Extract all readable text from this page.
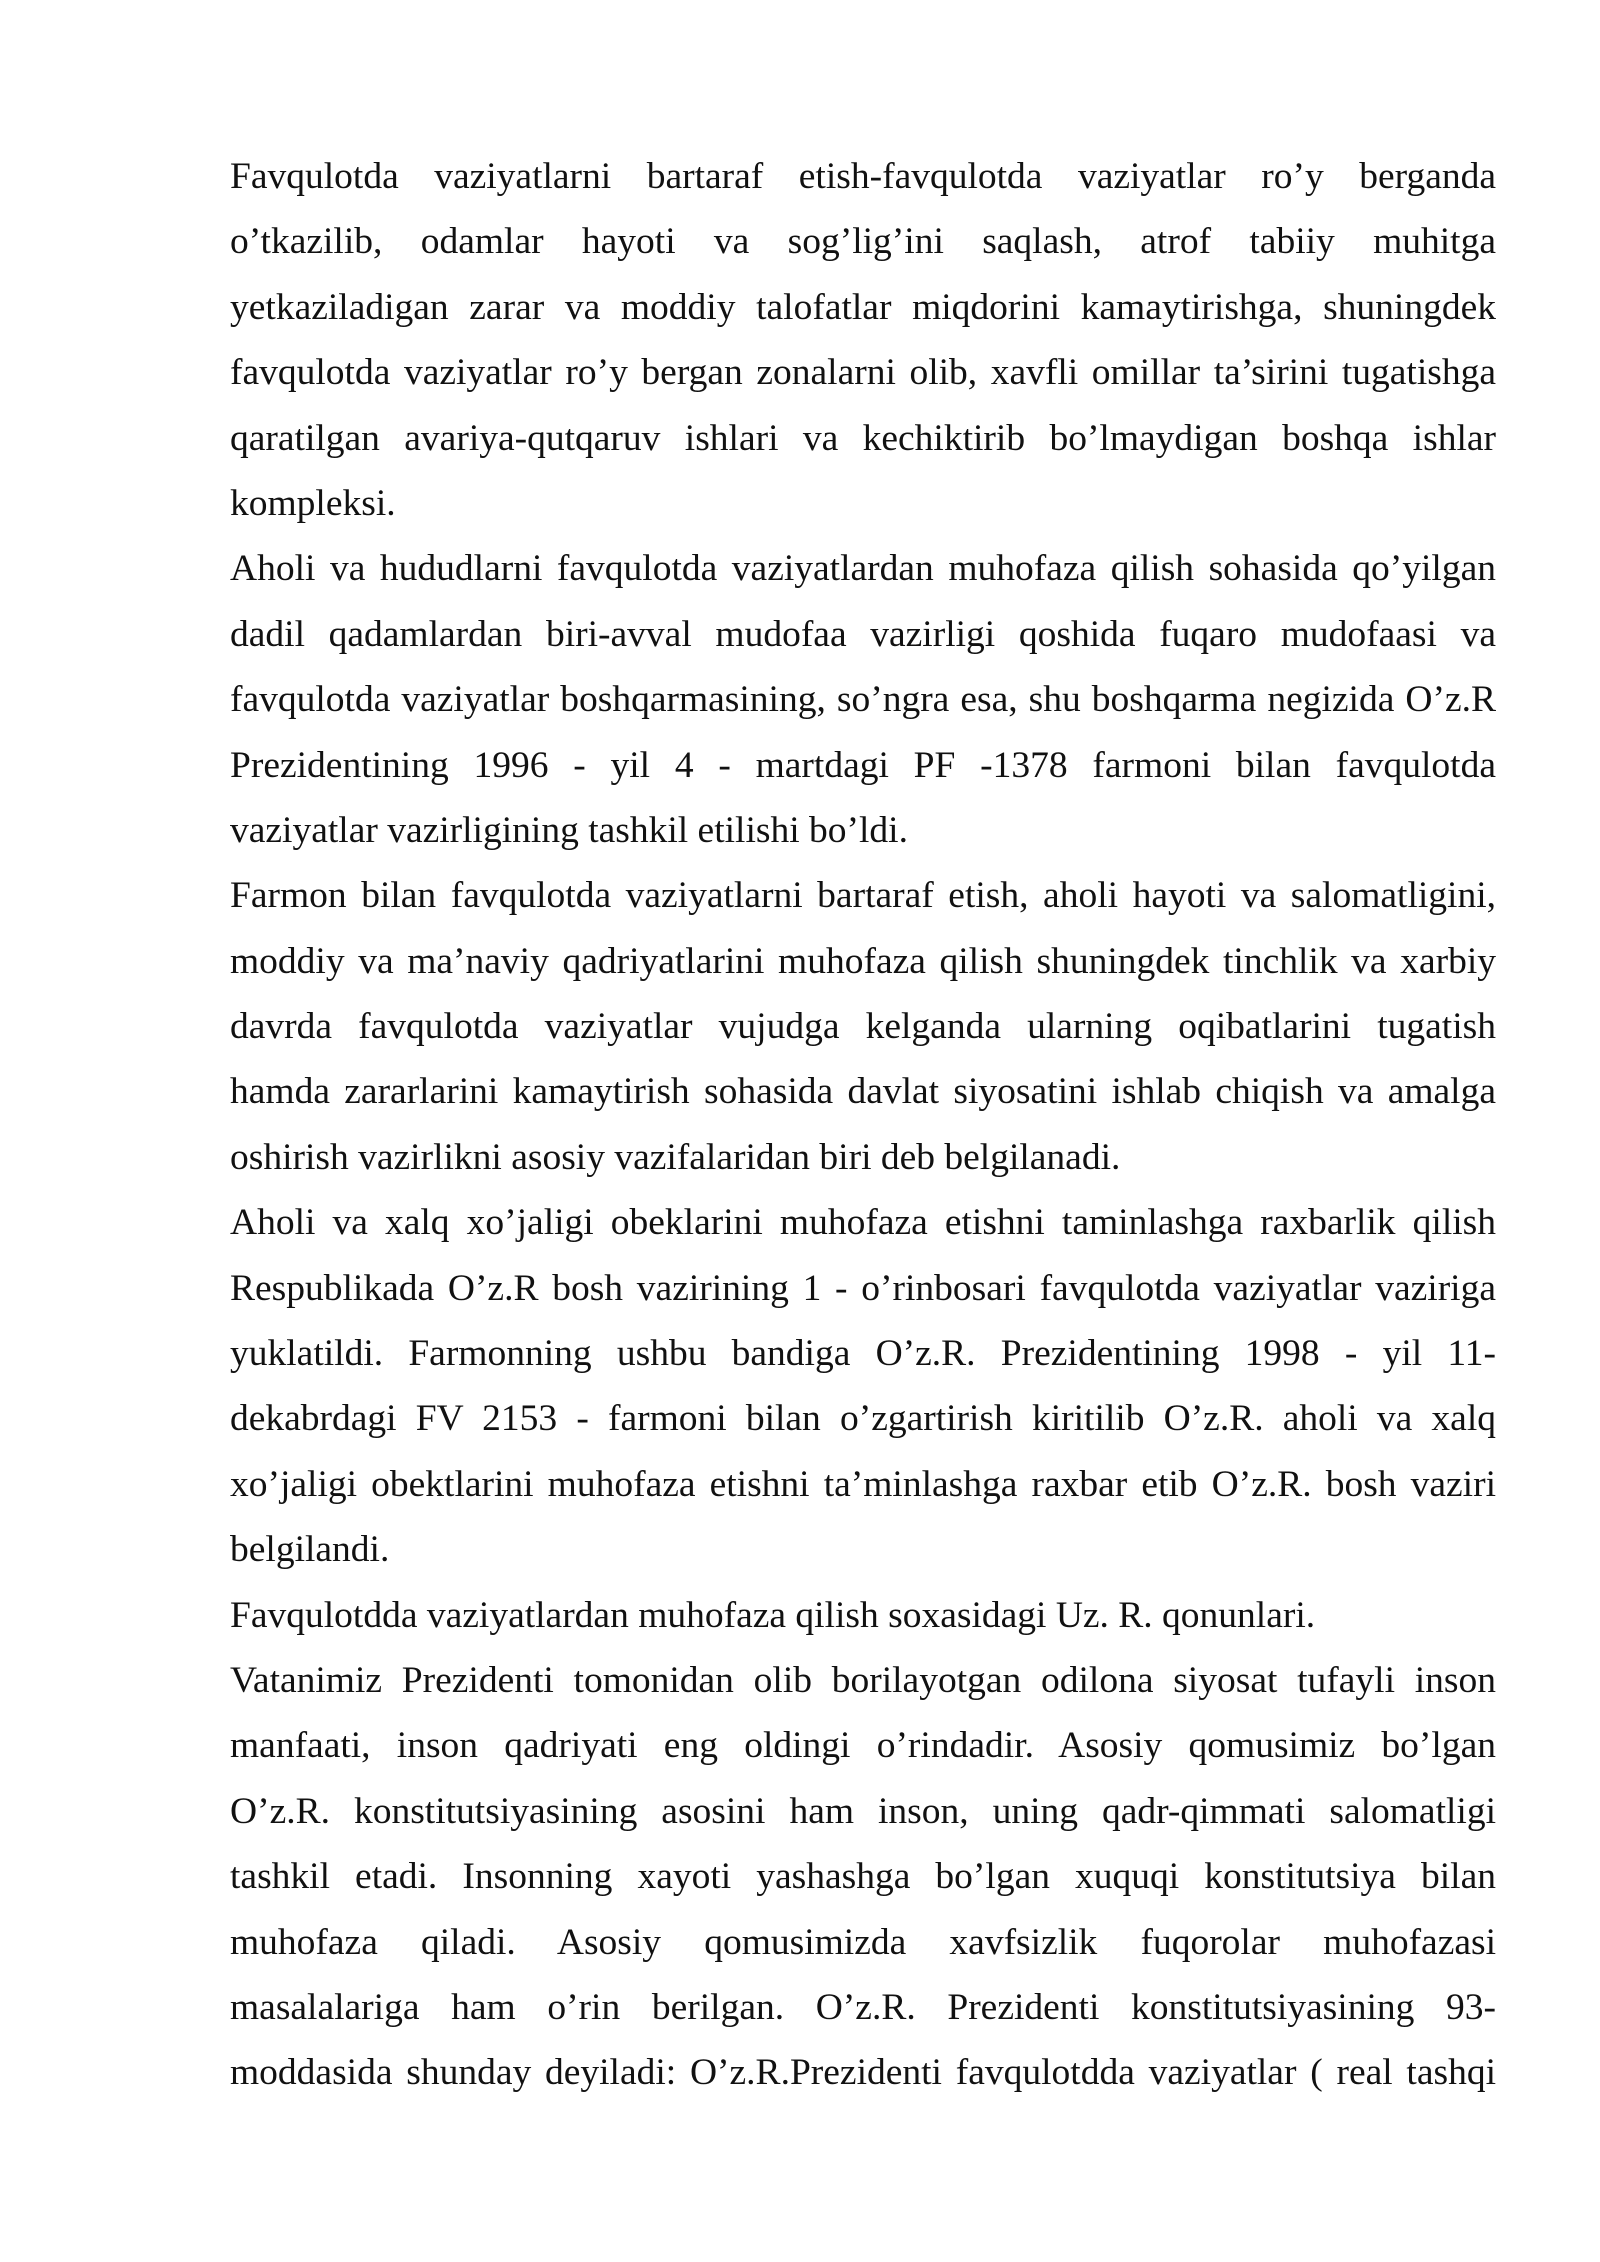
Favqulotda vaziyatlarni bartaraf etish-favqulotda vaziyatlar ro’y berganda
o’tkazilib, odamlar hayoti va sog’lig’ini saqlash, atrof tabiiy muhitga
yetkaziladigan zarar va moddiy talofatlar miqdorini kamaytirishga, shuningdek
favqulotda vaziyatlar ro’y bergan zonalarni olib, xavfli omillar ta’sirini tugatishga
qaratilgan avariya-qutqaruv ishlari va kechiktirib bo’lmaydigan boshqa ishlar
kompleksi.
Aholi va hududlarni favqulotda vaziyatlardan muhofaza qilish sohasida qo’yilgan
dadil qadamlardan biri-avval mudofaa vazirligi qoshida fuqaro mudofaasi va
favqulotda vaziyatlar boshqarmasining, so’ngra esa, shu boshqarma negizida O’z.R
Prezidentining 1996 - yil 4 - martdagi PF -1378 farmoni bilan favqulotda
vaziyatlar vazirligining tashkil etilishi bo’ldi.
Farmon bilan favqulotda vaziyatlarni bartaraf etish, aholi hayoti va salomatligini,
moddiy va ma’naviy qadriyatlarini muhofaza qilish shuningdek tinchlik va xarbiy
davrda favqulotda vaziyatlar vujudga kelganda ularning oqibatlarini tugatish
hamda zararlarini kamaytirish sohasida davlat siyosatini ishlab chiqish va amalga
oshirish vazirlikni asosiy vazifalaridan biri deb belgilanadi.
Aholi va xalq xo’jaligi obeklarini muhofaza etishni taminlashga raxbarlik qilish
Respublikada O’z.R bosh vazirining 1 - o’rinbosari favqulotda vaziyatlar vaziriga
yuklatildi. Farmonning ushbu bandiga O’z.R. Prezidentining 1998 - yil 11-
dekabrdagi FV 2153 - farmoni bilan o’zgartirish kiritilib O’z.R. aholi va xalq
xo’jaligi obektlarini muhofaza etishni ta’minlashga raxbar etib O’z.R. bosh vaziri
belgilandi.
Favqulotdda vaziyatlardan muhofaza qilish soxasidagi Uz. R. qonunlari.
Vatanimiz Prezidenti tomonidan olib borilayotgan odilona siyosat tufayli inson
manfaati, inson qadriyati eng oldingi o’rindadir. Asosiy qomusimiz bo’lgan
O’z.R. konstitutsiyasining asosini ham inson, uning qadr-qimmati salomatligi
tashkil etadi. Insonning xayoti yashashga bo’lgan xuquqi konstitutsiya bilan
muhofaza qiladi. Asosiy qomusimizda xavfsizlik fuqorolar muhofazasi
masalalariga ham o’rin berilgan. O’z.R. Prezidenti konstitutsiyasining 93-
moddasida shunday deyiladi: O’z.R.Prezidenti favqulotdda vaziyatlar ( real tashqi
